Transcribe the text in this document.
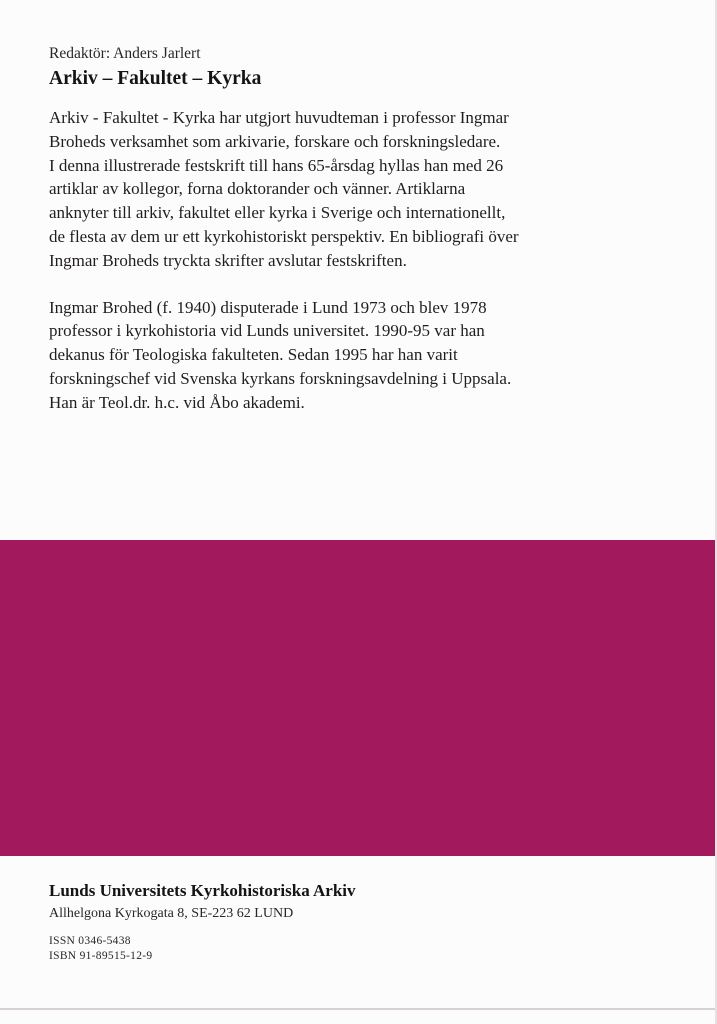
Redaktör: Anders Jarlert

Arkiv – Fakultet – Kyrka

Arkiv - Fakultet - Kyrka har utgjort huvudteman i professor Ingmar
Broheds verksamhet som arkivarie, forskare och forskningsledare.
I denna illustrerade festskrift till hans 65-årsdag hyllas han med 26
artiklar av kollegor, forna doktorander och vänner. Artiklarna
anknyter till arkiv, fakultet eller kyrka i Sverige och internationellt,
de flesta av dem ur ett kyrkohistoriskt perspektiv. En bibliografi över
Ingmar Broheds tryckta skrifter avslutar festskriften.

Ingmar Brohed (f. 1940) disputerade i Lund 1973 och blev 1978
professor i kyrkohistoria vid Lunds universitet. 1990-95 var han
dekanus för Teologiska fakulteten. Sedan 1995 har han varit
forskningschef vid Svenska kyrkans forskningsavdelning i Uppsala.
Han är Teol.dr. h.c. vid Åbo akademi.

Lunds Universitets Kyrkohistoriska Arkiv

Allhelgona Kyrkogata 8, SE-223 62 LUND

ISSN 0346-5438
ISBN 91-89515-12-9
